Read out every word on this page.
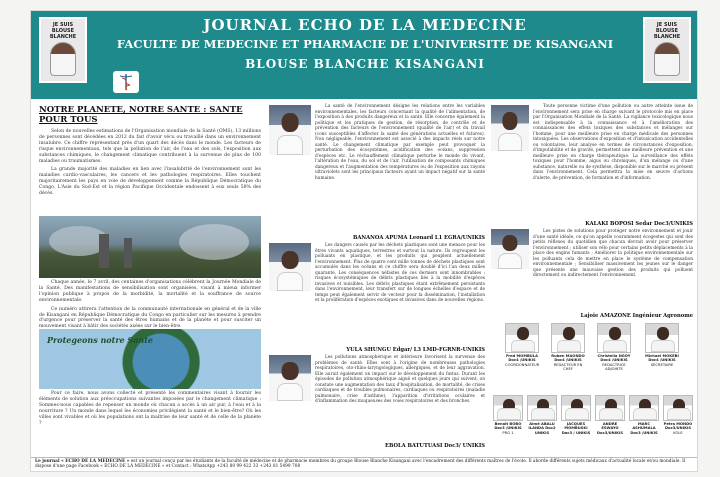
JE SUIS BLOUSE BLANCHE
JOURNAL ECHO DE LA MEDECINE
FACULTE DE MEDECINE ET PHARMACIE DE L'UNIVERSITE DE KISANGANI
BLOUSE BLANCHE KISANGANI
JE SUIS BLOUSE BLANCHE
NOTRE PLANETE, NOTRE SANTE : SANTE POUR TOUS
Selon de nouvelles estimations de l'Organisation mondiale de la Santé (OMS), 13 millions de personnes sont décédées en 2012 du fait d'avoir vécu ou travaillé dans un environnement insalubre. Ce chiffre représentant près d'un quart des décès dans le monde. Les facteurs de risque environnementaux, tels que la pollution de l'air, de l'eau et des sols, l'exposition aux substances chimiques, le changement climatique contribuent à la survenue de plus de 100 maladies ou traumatismes.
La grande majorité des maladies en lien avec l'insalubrité de l'environnement sont les maladies cardio-vasculaires, les cancers et les pathologies respiratoires. Elles touchent majoritairement les pays en voie de développement comme la République Démocratique du Congo. L'Asie du Sud-Est et la région Pacifique Occidentale endossent à eux seuls 58% des décès.
Chaque année, le 7 avril, des centaines d'organisations célèbrent la Journée Mondiale de la Santé. Des manifestations de sensibilisation sont organisées, visant à mieux informer l'opinion publique à propos de la morbidité, la mortalité et la souffrance de source environnementale.
Ce numéro attirera l'attention de la communauté internationale en général et de la ville de Kisangani en République Démocratique du Congo en particulier sur les mesures à prendre d'urgence pour préserver la santé des êtres humains et de la planète et pour susciter un mouvement visant à bâtir des sociétés axées sur le bien-être.
Protegeons notre Sante
Pour ce faire, nous avons collecté et présenté les commentaires visant à fournir les éléments de solution aux préoccupations suivantes imposées par le changement climatique : Sommes-nous capables de repenser un monde où chacun a accès à un air pur, à l'eau et à la nourriture ? Un monde dans lequel les économies privilégient la santé et le bien-être? Où les villes sont vivables et où les populations ont la maîtrise de leur santé et de celle de la planète ?
La santé de l'environnement désigne les relations entre les variables environnementales, les facteurs concernant la qualité de l'alimentation, de l'exposition à des produits dangereux et la santé. Elle concerne également la politique et les pratiques de gestion, de résorption, de contrôle et de prévention des facteurs de l'environnement (qualité de l'air) et du travail (cons susceptibles d'affecter la santé des générations actuelles et futures). Non négligeable, l'environnement est associé à des impacts réels sur notre santé. Le changement climatique par exemple peut provoquer la perturbation des écosystèmes, acidification des océans, suppression d'espèces etc. Le réchauffement climatique perturbe le monde du vivant, l'altération de l'eau, du sol et de l'air, l'utilisation de composants chimiques dangereux et l'augmentation des températures ou de l'exposition aux rayons ultraviolets sont les principaux facteurs ayant un impact négatif sur la santé humaine.
BANANOA APUMA Leonard L1 EGRA/UNIKIS
Les dangers causés par les déchets plastiques sont une menace pour les êtres vivants aquatiques, terrestres et surtout la nature. Ils regroupent les polluants en plastique, et les produits qui peuplent actuellement l'environnement. Plus de quatre cent mille tonnes de déchets plastiques sont accumulés dans les océans et ce chiffre sera doublé d'ici l'an deux milles quarante. Les conséquences néfastes de ces derniers sont innombrables : risques écosystémiques de débris plastiques liés à la mobilité d'espèces invasives et nuisibles. Les débris plastiques étant extrêmement persistants dans l'environnement, leur transfert sur de longues échelles d'espace et de temps peut également servir de vecteur pour la dissémination, l'installation et la prolifération d'espèces exotiques et invasives dans de nouvelles régions.
YULA SHUNGU Edgar/ L3 LMD-FGRNR-UNIKIS
Les pollutions atmosphérique et intérieure favorisent la survenue des problèmes de santé. Elles sont à l'origine de nombreuses pathologies respiratoires, oto-rhino-laryngologiques, allergiques, et de leur aggravation. Elle aurait également un impact sur le développement du fœtus. Durant les épisodes de pollution atmosphérique aiguë et quelques jours qui suivent, on constate une augmentation des taux d'hospitalisation, de mortalité, de crises cardiaques et de troubles pulmonaires, cardiaques ou respiratoires (maladie pulmonaire, crise d'asthme), l'apparition d'irritations oculaires et d'inflammation des muqueuses des voies respiratoires et des bronches.
EBOLA BATUTUASI Doc3/ UNIKIS
Toute personne victime d'une pollution ou autre atteinte issue de l'environnement sera prise en charge suivant le protocole mis en place par l'Organisation Mondiale de la Santé. La vigilance toxicologique nous est indispensable à la connaissance et à l'amélioration des connaissances des effets toxiques des substances et mélanges sur l'homme, pour une meilleure prise en charge médicale des personnes intoxiquées. Les observations d'exposition et d'intoxication accidentelles ou volontaires, leur analyse en termes de circonstances d'exposition, d'imputabilité et de gravité, permettent une meilleure prévention et une meilleure prise en charge thérapeutique. La surveillance des effets toxiques pour l'homme, aigus ou chroniques, d'un mélange ou d'une substance, naturelle ou de synthèse, disponible sur le marché ou présent dans l'environnement. Cela permettra la mise en œuvre d'actions d'alerte, de prévention, de formation et d'information.
KALAKI BOPOSI Sedar Doc3/UNIKIS
Les pistes de solutions pour protéger notre environnement et jouir d'une santé idéale, ce qu'on appelle couramment écogestes qui sont des petits réflexes du quotidien que chacun devrait avoir pour préserver l'environnement ; utiliser son vélo pour certains petits déplacements à la place des engins fumants ; Améliorer la politique environnementale sur les polluants cela de mettre en place le système de compensation environnementale ; Sensibiliser massivement les jeunes sur le danger que présente une mauvaise gestion des produits qui polluent directement ou indirectement l'environnement.
Lajoie AMAZONE Ingénieur Agronome
Fred MOMBULA Doc4 /UNIKIS
COORDONNATEUR
Ruben MAONDO Doc4 /UNIKIS
REDACTEUR EN CHEF
Christella NGOY Doc4 /UNIKIS
REDACTRICE ADJOINTE
Michael MOKEBI Doc4 /UNIKIS
SECRETAIRE
Benoit BOBO Doc3 /UNIKIS
PRG 1
Aimé ABALU ILANDA Doc2 UNIKIS
JACQUES MOMBUSKI Doc3 / UNIKIS
ANDRE ESWAYO Doc3/UNIKIS
MARC ASHUMALA Doc3 /UNIKIS
Petra MONDO Doc3/UNIKIS
KOLE
Le journal « ECHO DE LA MEDECINE » est un journal conçu par les étudiants de la faculté de médecine et de pharmacie membres du groupe Blouse Blanche Kisangani avec l'encadrement des différents maîtres de l'école. Il aborde différents sujets médicaux d'actualité locale et/ou mondiale. Il dispose d'une page Facebook « ECHO DE LA MEDECINE » et Contact : WhatsApp +243 80 99 422 33 +243 81 5499 708
